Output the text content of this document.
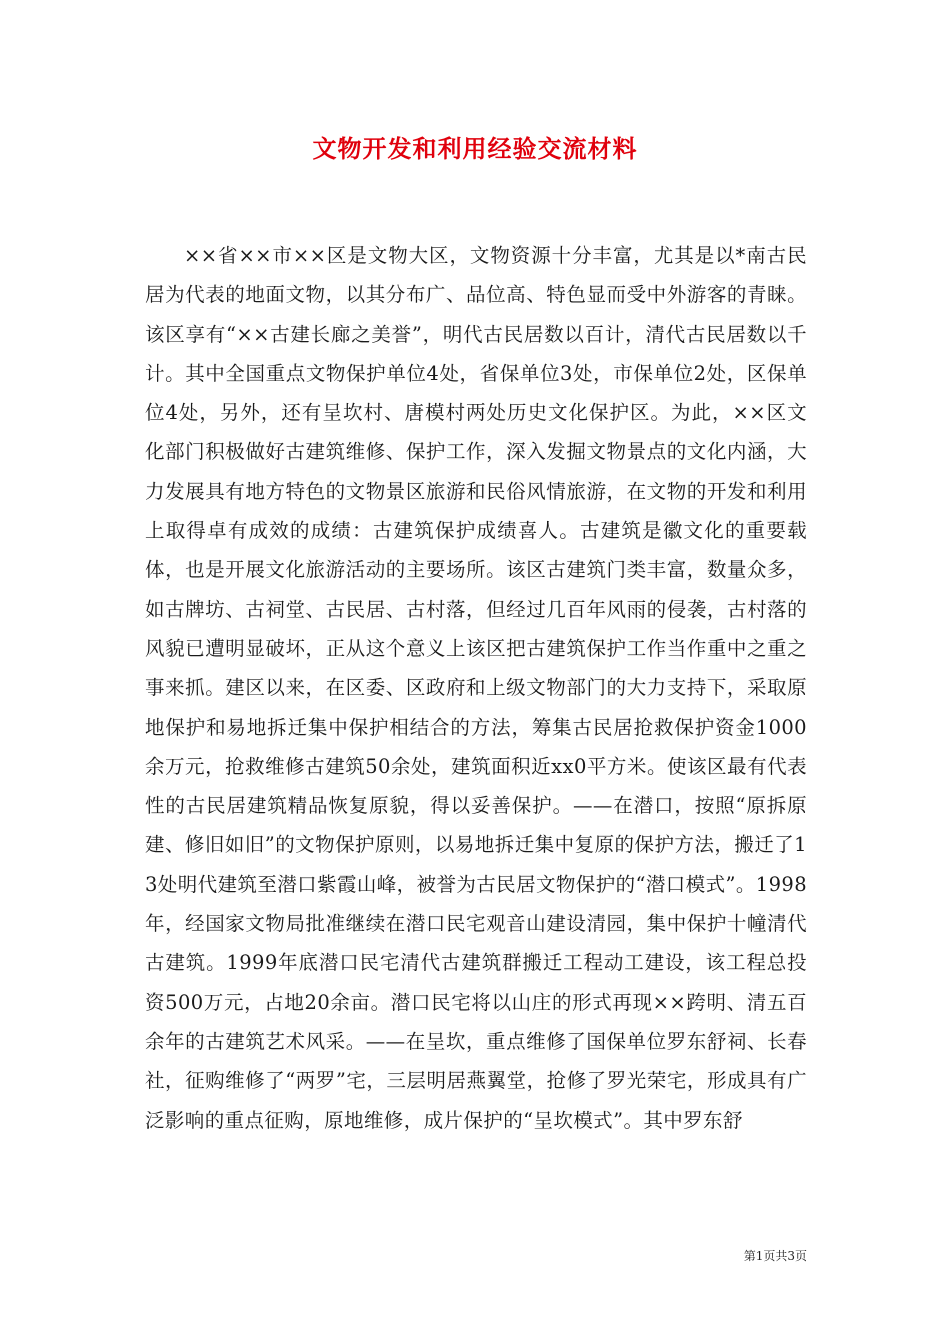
文物开发和利用经验交流材料

××省××市××区是文物大区，文物资源十分丰富，尤其是以*南古民居为代表的地面文物，以其分布广、品位高、特色显而受中外游客的青睐。该区享有“××古建长廊之美誉”，明代古民居数以百计，清代古民居数以千计。其中全国重点文物保护单位4处，省保单位3处，市保单位2处，区保单位4处，另外，还有呈坎村、唐模村两处历史文化保护区。为此，××区文化部门积极做好古建筑维修、保护工作，深入发掘文物景点的文化内涵，大力发展具有地方特色的文物景区旅游和民俗风情旅游，在文物的开发和利用上取得卓有成效的成绩：古建筑保护成绩喜人。古建筑是徽文化的重要载体，也是开展文化旅游活动的主要场所。该区古建筑门类丰富，数量众多，如古牌坊、古祠堂、古民居、古村落，但经过几百年风雨的侵袭，古村落的风貌已遭明显破坏，正从这个意义上该区把古建筑保护工作当作重中之重之事来抓。建区以来，在区委、区政府和上级文物部门的大力支持下，采取原地保护和易地拆迁集中保护相结合的方法，筹集古民居抢救保护资金1000余万元，抢救维修古建筑50余处，建筑面积近xx0平方米。使该区最有代表性的古民居建筑精品恢复原貌，得以妥善保护。——在潜口，按照“原拆原建、修旧如旧”的文物保护原则，以易地拆迁集中复原的保护方法，搬迁了13处明代建筑至潜口紫霞山峰，被誉为古民居文物保护的“潜口模式”。1998年，经国家文物局批准继续在潜口民宅观音山建设清园，集中保护十幢清代古建筑。1999年底潜口民宅清代古建筑群搬迁工程动工建设，该工程总投资500万元，占地20余亩。潜口民宅将以山庄的形式再现××跨明、清五百余年的古建筑艺术风采。——在呈坎，重点维修了国保单位罗东舒祠、长春社，征购维修了“两罗”宅，三层明居燕翼堂，抢修了罗光荣宅，形成具有广泛影响的重点征购，原地维修，成片保护的“呈坎模式”。其中罗东舒

第1页共3页
